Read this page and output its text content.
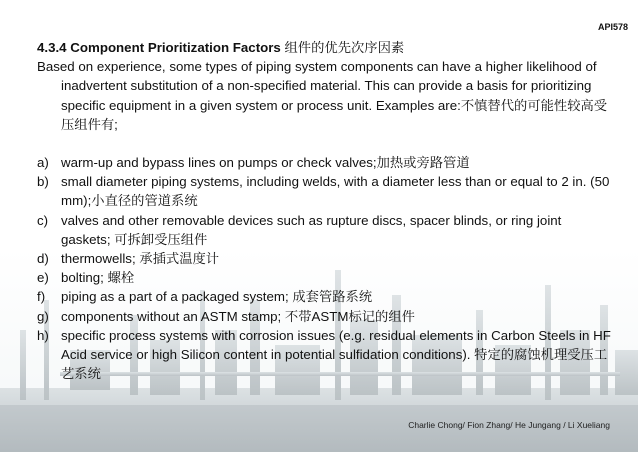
API578

4.3.4 Component Prioritization Factors 组件的优先次序因素

Based on experience, some types of piping system components can have a higher likelihood of inadvertent substitution of a non-specified material. This can provide a basis for prioritizing specific equipment in a given system or process unit. Examples are:不慎替代的可能性较高受压组件有;

a) warm-up and bypass lines on pumps or check valves;加热或旁路管道
b) small diameter piping systems, including welds, with a diameter less than or equal to 2 in. (50 mm);小直径的管道系统
c) valves and other removable devices such as rupture discs, spacer blinds, or ring joint gaskets; 可拆卸受压组件
d) thermowells; 承插式温度计
e) bolting; 螺栓
f) piping as a part of a packaged system; 成套管路系统
g) components without an ASTM stamp; 不带ASTM标记的组件
h) specific process systems with corrosion issues (e.g. residual elements in Carbon Steels in HF Acid service or high Silicon content in potential sulfidation conditions). 特定的腐蚀机理受压工艺系统
Charlie Chong/ Fion Zhang/ He Jungang / Li Xueliang
